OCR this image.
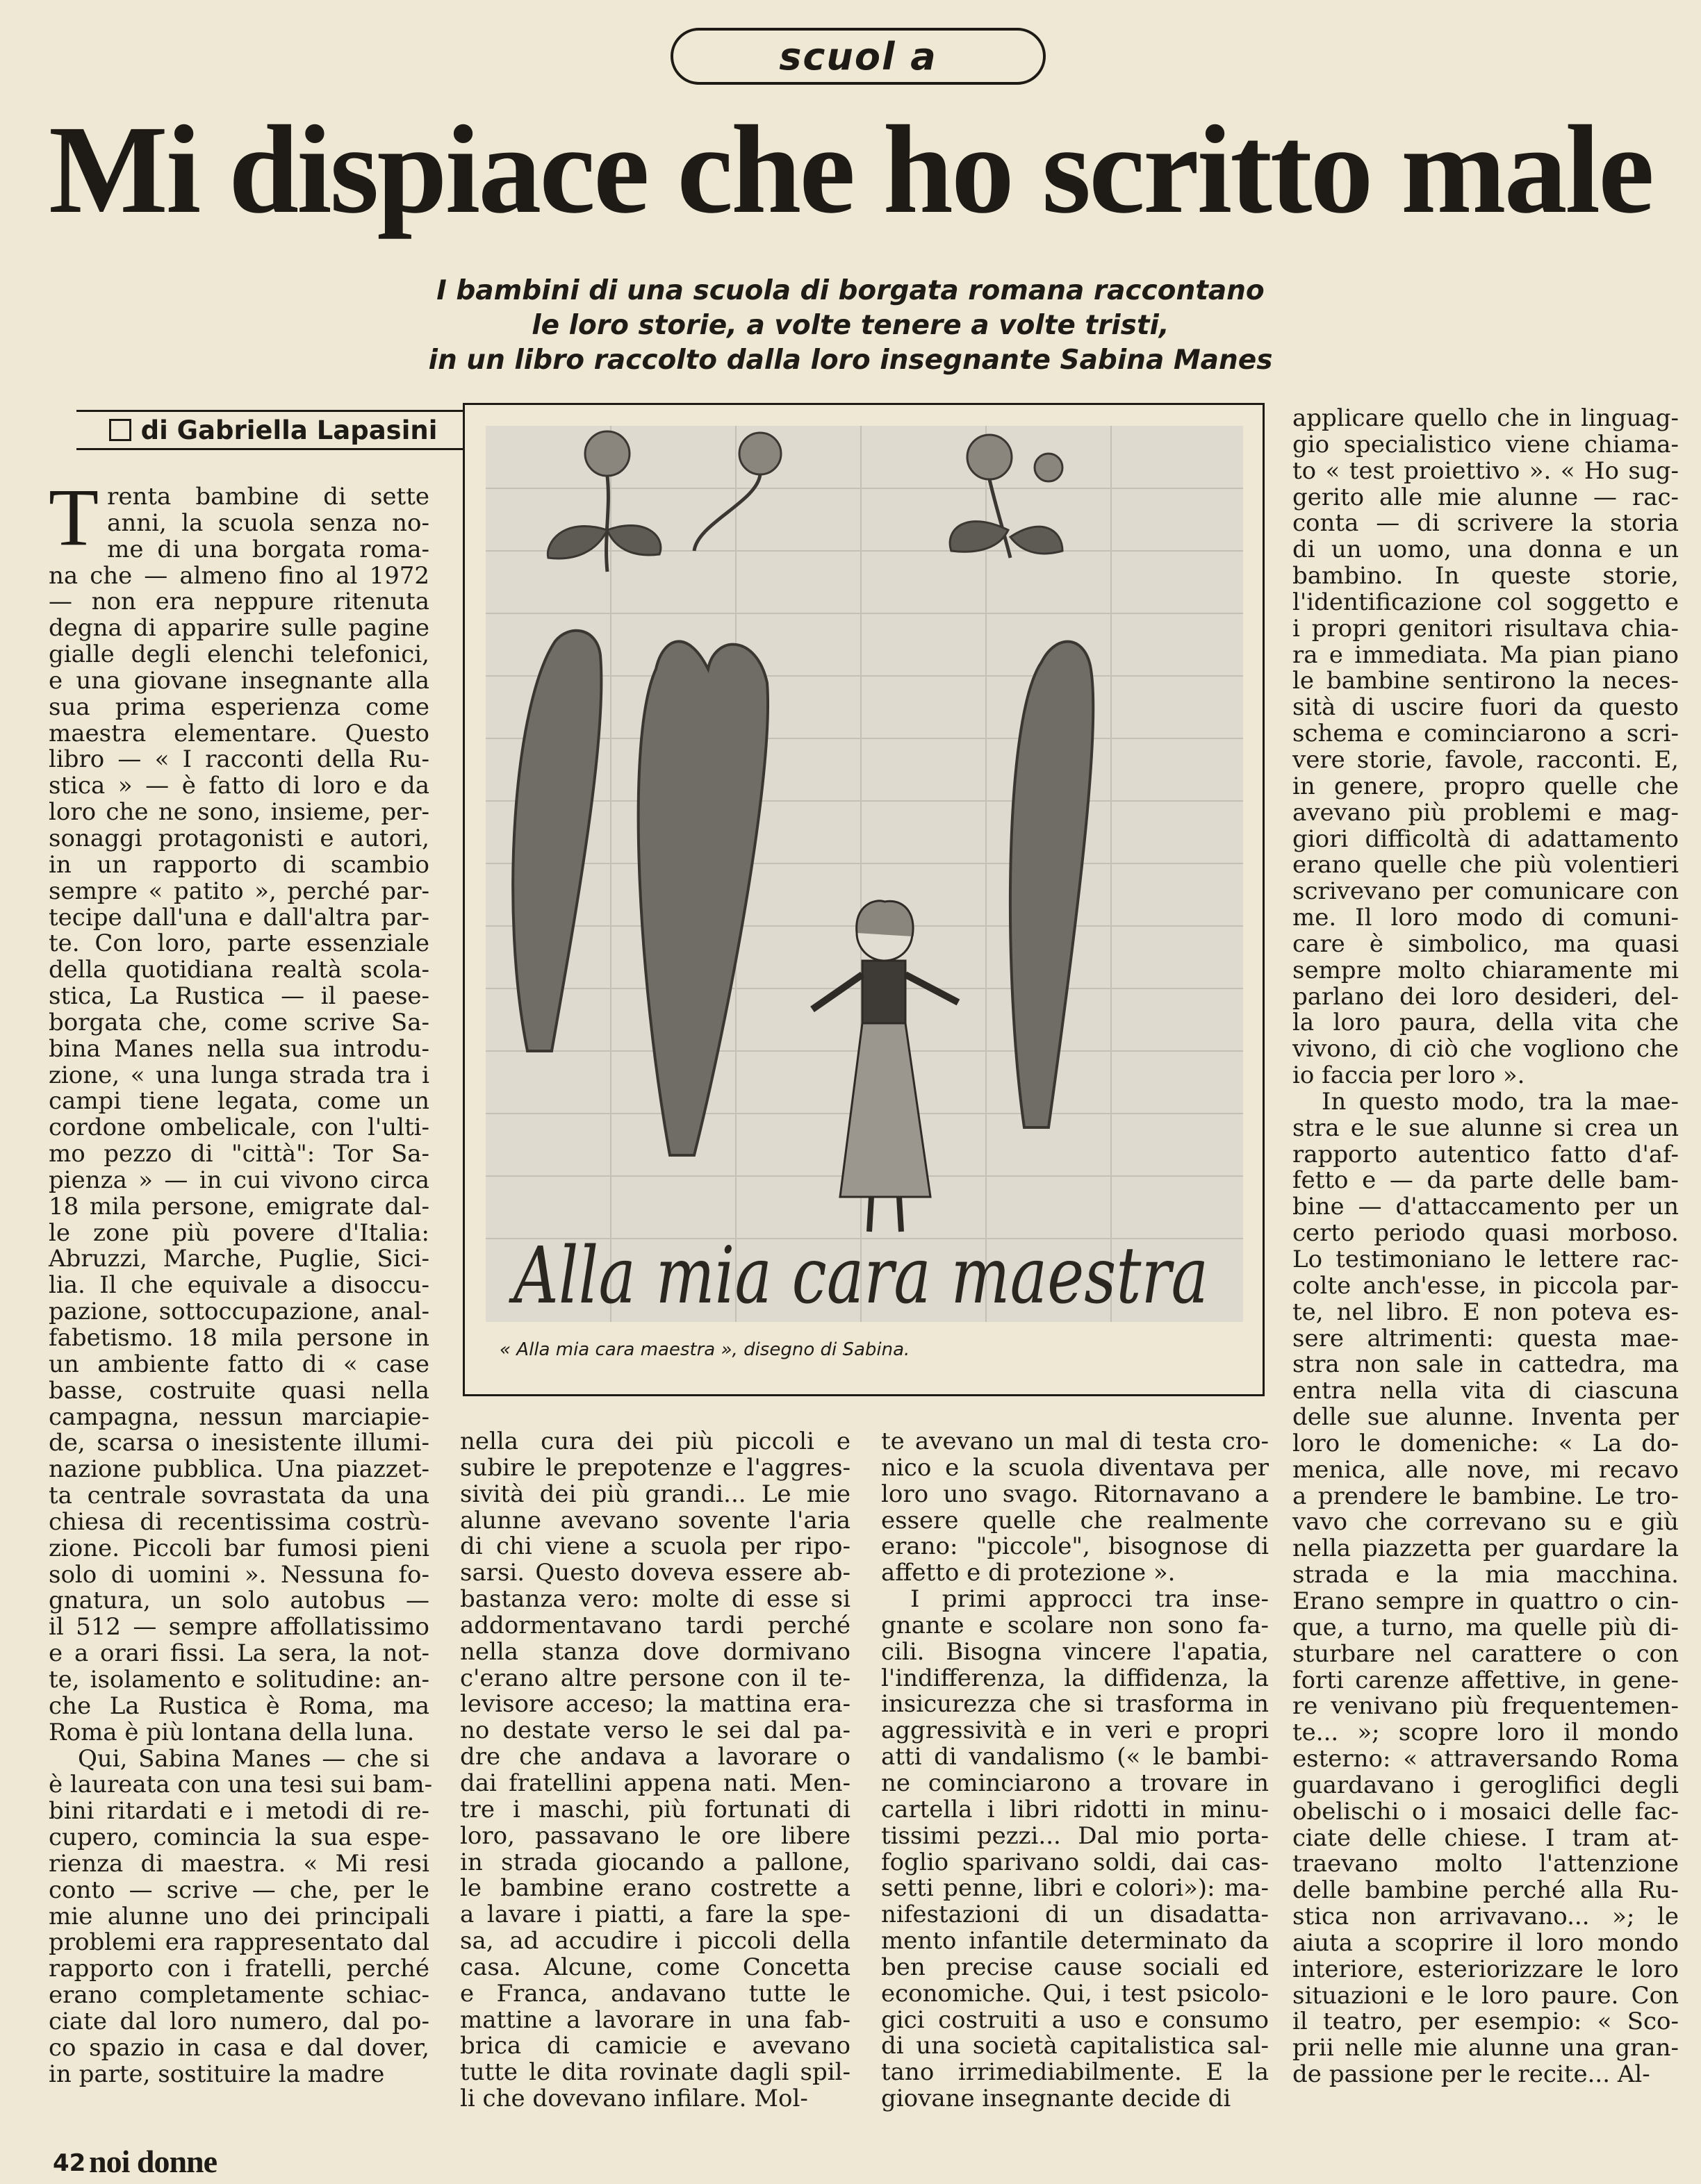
scuol a
Mi dispiace che ho scritto male
I bambini di una scuola di borgata romana raccontano
le loro storie, a volte tenere a volte tristi,
in un libro raccolto dalla loro insegnante Sabina Manes
di Gabriella Lapasini
T renta bambine di sette
anni, la scuola senza no-
me di una borgata roma-
na che — almeno fino al 1972
— non era neppure ritenuta
degna di apparire sulle pagine
gialle degli elenchi telefonici,
e una giovane insegnante alla
sua prima esperienza come
maestra elementare. Questo
libro — « I racconti della Ru-
stica » — è fatto di loro e da
loro che ne sono, insieme, per-
sonaggi protagonisti e autori,
in un rapporto di scambio
sempre « patito », perché par-
tecipe dall'una e dall'altra par-
te. Con loro, parte essenziale
della quotidiana realtà scola-
stica, La Rustica — il paese-
borgata che, come scrive Sa-
bina Manes nella sua introdu-
zione, « una lunga strada tra i
campi tiene legata, come un
cordone ombelicale, con l'ulti-
mo pezzo di "città": Tor Sa-
pienza » — in cui vivono circa
18 mila persone, emigrate dal-
le zone più povere d'Italia:
Abruzzi, Marche, Puglie, Sici-
lia. Il che equivale a disoccu-
pazione, sottoccupazione, anal-
fabetismo. 18 mila persone in
un ambiente fatto di « case
basse, costruite quasi nella
campagna, nessun marciapie-
de, scarsa o inesistente illumi-
nazione pubblica. Una piazzet-
ta centrale sovrastata da una
chiesa di recentissima costrù-
zione. Piccoli bar fumosi pieni
solo di uomini ». Nessuna fo-
gnatura, un solo autobus —
il 512 — sempre affollatissimo
e a orari fissi. La sera, la not-
te, isolamento e solitudine: an-
che La Rustica è Roma, ma
Roma è più lontana della luna.
Qui, Sabina Manes — che si
è laureata con una tesi sui bam-
bini ritardati e i metodi di re-
cupero, comincia la sua espe-
rienza di maestra. « Mi resi
conto — scrive — che, per le
mie alunne uno dei principali
problemi era rappresentato dal
rapporto con i fratelli, perché
erano completamente schiac-
ciate dal loro numero, dal po-
co spazio in casa e dal dover,
in parte, sostituire la madre
nella cura dei più piccoli e
subire le prepotenze e l'aggres-
sività dei più grandi... Le mie
alunne avevano sovente l'aria
di chi viene a scuola per ripo-
sarsi. Questo doveva essere ab-
bastanza vero: molte di esse si
addormentavano tardi perché
nella stanza dove dormivano
c'erano altre persone con il te-
levisore acceso; la mattina era-
no destate verso le sei dal pa-
dre che andava a lavorare o
dai fratellini appena nati. Men-
tre i maschi, più fortunati di
loro, passavano le ore libere
in strada giocando a pallone,
le bambine erano costrette a
a lavare i piatti, a fare la spe-
sa, ad accudire i piccoli della
casa. Alcune, come Concetta
e Franca, andavano tutte le
mattine a lavorare in una fab-
brica di camicie e avevano
tutte le dita rovinate dagli spil-
li che dovevano infilare. Mol-
te avevano un mal di testa cro-
nico e la scuola diventava per
loro uno svago. Ritornavano a
essere quelle che realmente
erano: "piccole", bisognose di
affetto e di protezione ».
I primi approcci tra inse-
gnante e scolare non sono fa-
cili. Bisogna vincere l'apatia,
l'indifferenza, la diffidenza, la
insicurezza che si trasforma in
aggressività e in veri e propri
atti di vandalismo (« le bambi-
ne cominciarono a trovare in
cartella i libri ridotti in minu-
tissimi pezzi... Dal mio porta-
foglio sparivano soldi, dai cas-
setti penne, libri e colori»): ma-
nifestazioni di un disadatta-
mento infantile determinato da
ben precise cause sociali ed
economiche. Qui, i test psicolo-
gici costruiti a uso e consumo
di una società capitalistica sal-
tano irrimediabilmente. E la
giovane insegnante decide di
applicare quello che in linguag-
gio specialistico viene chiama-
to « test proiettivo ». « Ho sug-
gerito alle mie alunne — rac-
conta — di scrivere la storia
di un uomo, una donna e un
bambino. In queste storie,
l'identificazione col soggetto e
i propri genitori risultava chia-
ra e immediata. Ma pian piano
le bambine sentirono la neces-
sità di uscire fuori da questo
schema e cominciarono a scri-
vere storie, favole, racconti. E,
in genere, propro quelle che
avevano più problemi e mag-
giori difficoltà di adattamento
erano quelle che più volentieri
scrivevano per comunicare con
me. Il loro modo di comuni-
care è simbolico, ma quasi
sempre molto chiaramente mi
parlano dei loro desideri, del-
la loro paura, della vita che
vivono, di ciò che vogliono che
io faccia per loro ».
In questo modo, tra la mae-
stra e le sue alunne si crea un
rapporto autentico fatto d'af-
fetto e — da parte delle bam-
bine — d'attaccamento per un
certo periodo quasi morboso.
Lo testimoniano le lettere rac-
colte anch'esse, in piccola par-
te, nel libro. E non poteva es-
sere altrimenti: questa mae-
stra non sale in cattedra, ma
entra nella vita di ciascuna
delle sue alunne. Inventa per
loro le domeniche: « La do-
menica, alle nove, mi recavo
a prendere le bambine. Le tro-
vavo che correvano su e giù
nella piazzetta per guardare la
strada e la mia macchina.
Erano sempre in quattro o cin-
que, a turno, ma quelle più di-
sturbare nel carattere o con
forti carenze affettive, in gene-
re venivano più frequentemen-
te... »; scopre loro il mondo
esterno: « attraversando Roma
guardavano i geroglifici degli
obelischi o i mosaici delle fac-
ciate delle chiese. I tram at-
traevano molto l'attenzione
delle bambine perché alla Ru-
stica non arrivavano... »; le
aiuta a scoprire il loro mondo
interiore, esteriorizzare le loro
situazioni e le loro paure. Con
il teatro, per esempio: « Sco-
prii nelle mie alunne una gran-
de passione per le recite... Al-
Alla mia cara maestra
« Alla mia cara maestra », disegno di Sabina.
42 noi donne
